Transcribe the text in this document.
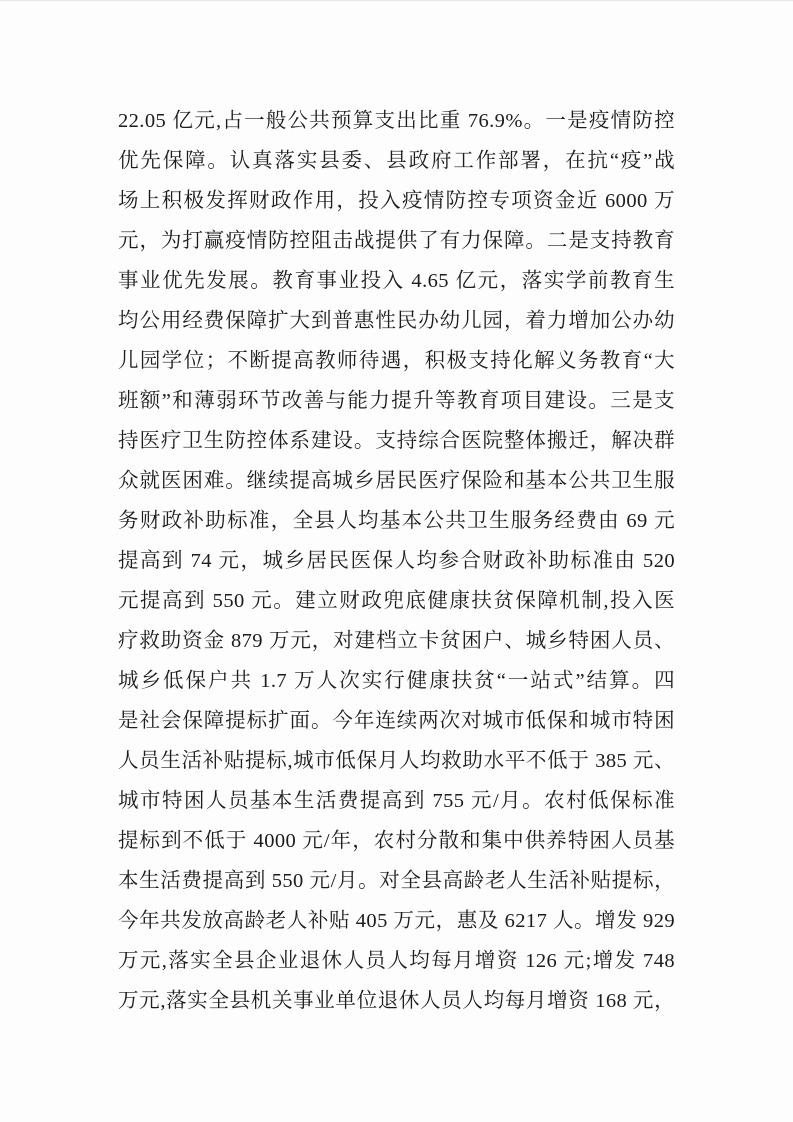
22.05 亿元,占一般公共预算支出比重 76.9%。一是疫情防控
优先保障。认真落实县委、县政府工作部署，在抗“疫”战
场上积极发挥财政作用，投入疫情防控专项资金近 6000 万
元，为打赢疫情防控阻击战提供了有力保障。二是支持教育
事业优先发展。教育事业投入 4.65 亿元，落实学前教育生
均公用经费保障扩大到普惠性民办幼儿园，着力增加公办幼
儿园学位；不断提高教师待遇，积极支持化解义务教育“大
班额”和薄弱环节改善与能力提升等教育项目建设。三是支
持医疗卫生防控体系建设。支持综合医院整体搬迁，解决群
众就医困难。继续提高城乡居民医疗保险和基本公共卫生服
务财政补助标准，全县人均基本公共卫生服务经费由 69 元
提高到 74 元，城乡居民医保人均参合财政补助标准由 520
元提高到 550 元。建立财政兜底健康扶贫保障机制,投入医
疗救助资金 879 万元，对建档立卡贫困户、城乡特困人员、
城乡低保户共 1.7 万人次实行健康扶贫“一站式”结算。四
是社会保障提标扩面。今年连续两次对城市低保和城市特困
人员生活补贴提标,城市低保月人均救助水平不低于 385 元、
城市特困人员基本生活费提高到 755 元/月。农村低保标准
提标到不低于 4000 元/年，农村分散和集中供养特困人员基
本生活费提高到 550 元/月。对全县高龄老人生活补贴提标，
今年共发放高龄老人补贴 405 万元，惠及 6217 人。增发 929
万元,落实全县企业退休人员人均每月增资 126 元;增发 748
万元,落实全县机关事业单位退休人员人均每月增资 168 元，
